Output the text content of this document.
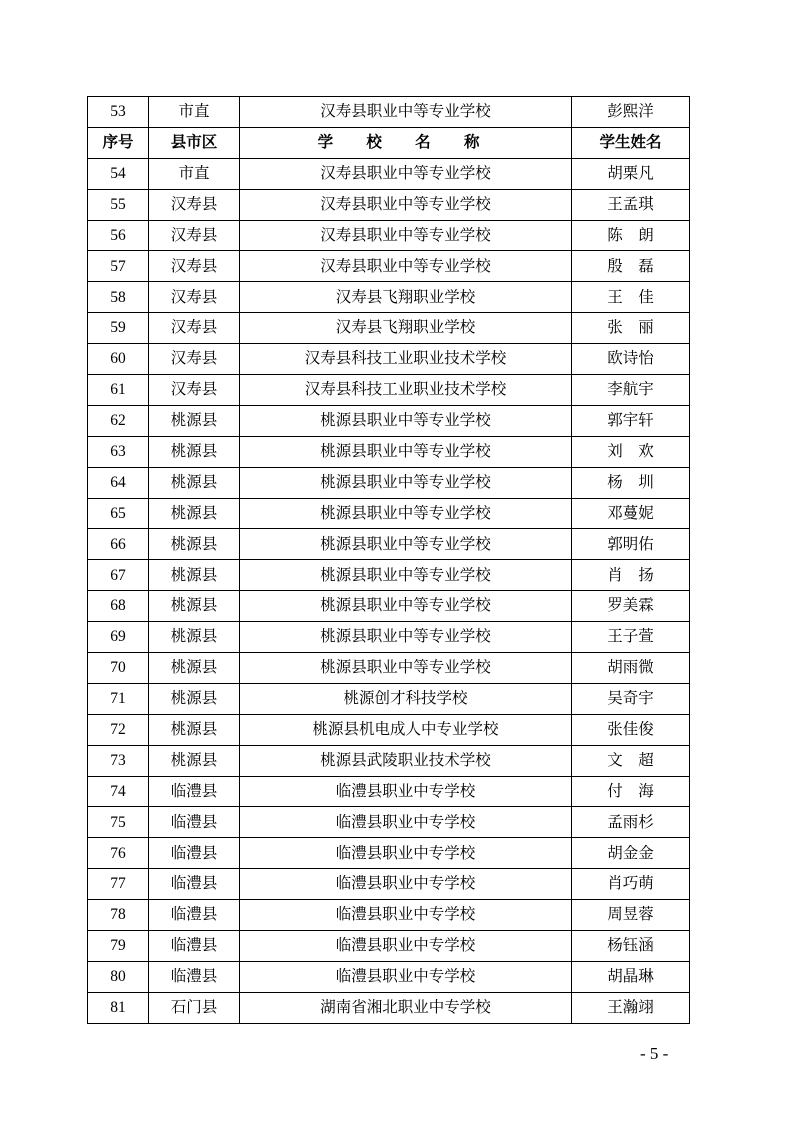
53	市直	汉寿县职业中等专业学校	彭熙洋
序号	县市区	学 校 名 称	学生姓名
54	市直	汉寿县职业中等专业学校	胡栗凡
55	汉寿县	汉寿县职业中等专业学校	王孟琪
56	汉寿县	汉寿县职业中等专业学校	陈　朗
57	汉寿县	汉寿县职业中等专业学校	殷　磊
58	汉寿县	汉寿县飞翔职业学校	王　佳
59	汉寿县	汉寿县飞翔职业学校	张　丽
60	汉寿县	汉寿县科技工业职业技术学校	欧诗怡
61	汉寿县	汉寿县科技工业职业技术学校	李航宇
62	桃源县	桃源县职业中等专业学校	郭宇轩
63	桃源县	桃源县职业中等专业学校	刘　欢
64	桃源县	桃源县职业中等专业学校	杨　圳
65	桃源县	桃源县职业中等专业学校	邓蔓妮
66	桃源县	桃源县职业中等专业学校	郭明佑
67	桃源县	桃源县职业中等专业学校	肖　扬
68	桃源县	桃源县职业中等专业学校	罗美霖
69	桃源县	桃源县职业中等专业学校	王子萱
70	桃源县	桃源县职业中等专业学校	胡雨微
71	桃源县	桃源创才科技学校	吴奇宇
72	桃源县	桃源县机电成人中专业学校	张佳俊
73	桃源县	桃源县武陵职业技术学校	文　超
74	临澧县	临澧县职业中专学校	付　海
75	临澧县	临澧县职业中专学校	孟雨杉
76	临澧县	临澧县职业中专学校	胡金金
77	临澧县	临澧县职业中专学校	肖巧萌
78	临澧县	临澧县职业中专学校	周昱蓉
79	临澧县	临澧县职业中专学校	杨钰涵
80	临澧县	临澧县职业中专学校	胡晶琳
81	石门县	湖南省湘北职业中专学校	王瀚翊
- 5 -
